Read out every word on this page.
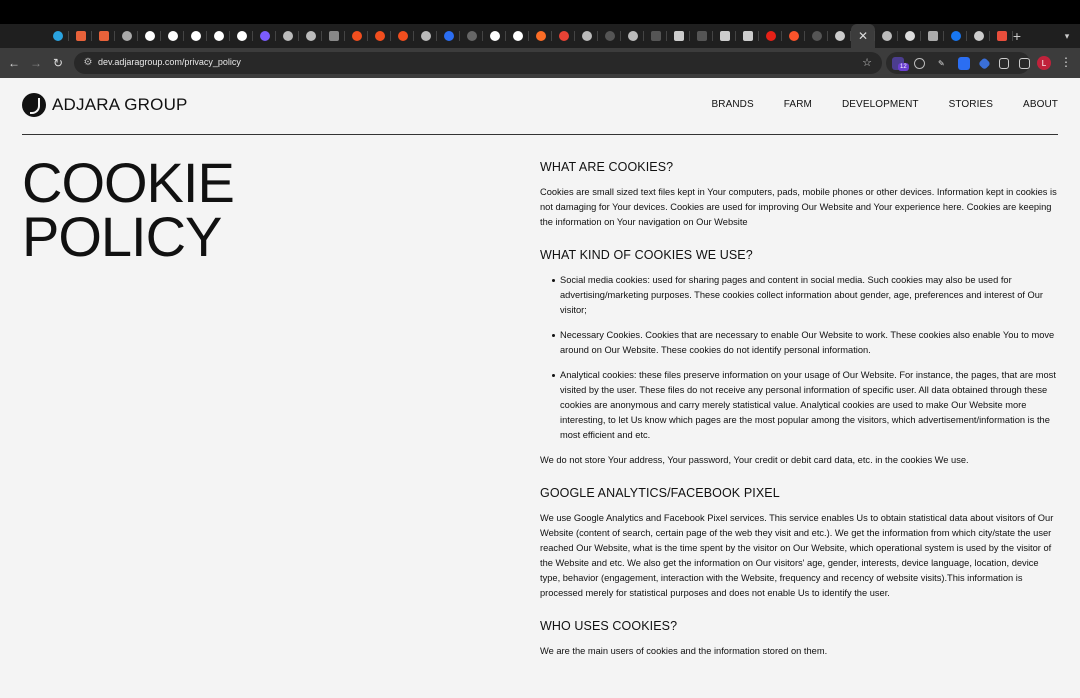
✕	+	▾
← → ↻ ⚙ dev.adjaragroup.com/privacy_policy	☆	12	✎	L	⋮
ADJARA GROUP	BRANDS	FARM	DEVELOPMENT	STORIES	ABOUT
COOKIE
POLICY
WHAT ARE COOKIES?

Cookies are small sized text files kept in Your computers, pads, mobile phones or other devices. Information kept in cookies is not damaging for Your devices. Cookies are used for improving Our Website and Your experience here. Cookies are keeping the information on Your navigation on Our Website

WHAT KIND OF COOKIES WE USE?
Social media cookies: used for sharing pages and content in social media. Such cookies may also be used for advertising/marketing purposes. These cookies collect information about gender, age, preferences and interest of Our visitor;
Necessary Cookies. Cookies that are necessary to enable Our Website to work. These cookies also enable You to move around on Our Website. These cookies do not identify personal information.
Analytical cookies: these files preserve information on your usage of Our Website. For instance, the pages, that are most visited by the user. These files do not receive any personal information of specific user. All data obtained through these cookies are anonymous and carry merely statistical value. Analytical cookies are used to make Our Website more interesting, to let Us know which pages are the most popular among the visitors, which advertisement/information is the most efficient and etc.

We do not store Your address, Your password, Your credit or debit card data, etc. in the cookies We use.

GOOGLE ANALYTICS/FACEBOOK PIXEL

We use Google Analytics and Facebook Pixel services. This service enables Us to obtain statistical data about visitors of Our Website (content of search, certain page of the web they visit and etc.). We get the information from which city/state the user reached Our Website, what is the time spent by the visitor on Our Website, which operational system is used by the visitor of the Website and etc. We also get the information on Our visitors' age, gender, interests, device language, location, device type, behavior (engagement, interaction with the Website, frequency and recency of website visits).This information is processed merely for statistical purposes and does not enable Us to identify the user.

WHO USES COOKIES?

We are the main users of cookies and the information stored on them.
